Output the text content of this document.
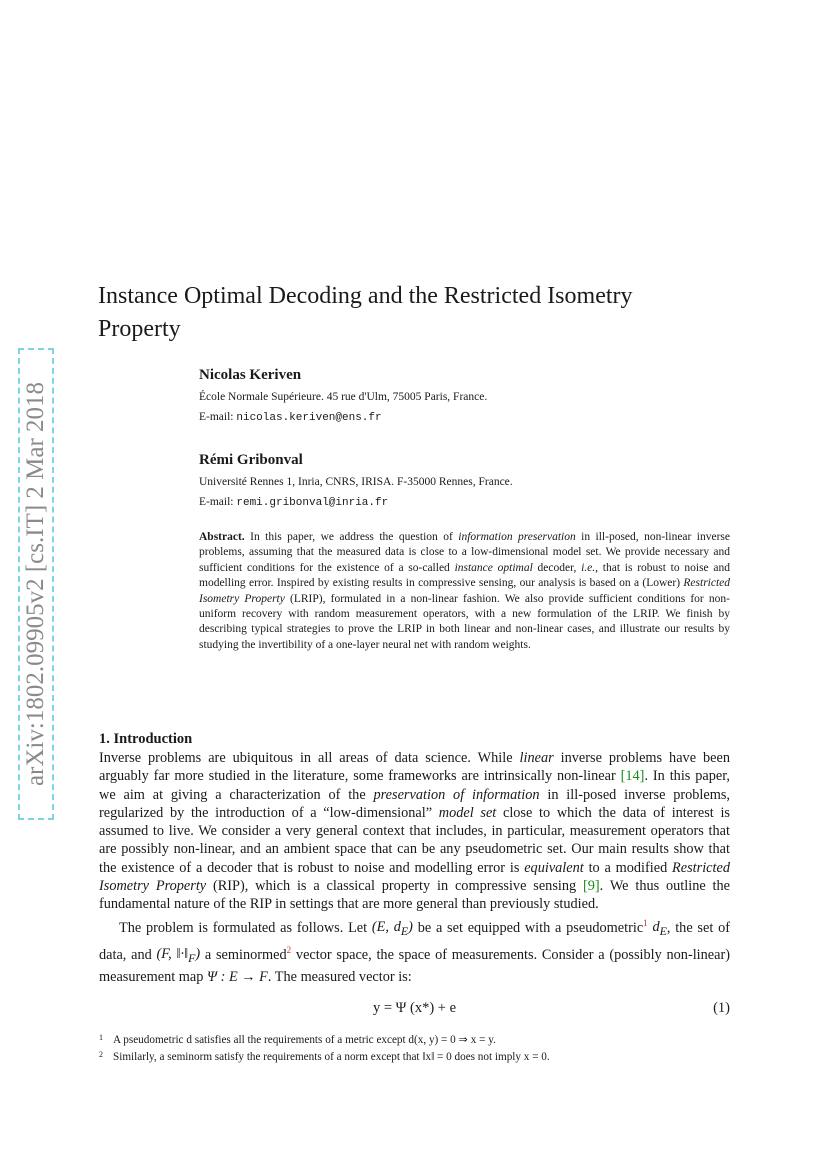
arXiv:1802.09905v2 [cs.IT] 2 Mar 2018
Instance Optimal Decoding and the Restricted Isometry Property
Nicolas Keriven
École Normale Supérieure. 45 rue d'Ulm, 75005 Paris, France.
E-mail: nicolas.keriven@ens.fr
Rémi Gribonval
Université Rennes 1, Inria, CNRS, IRISA. F-35000 Rennes, France.
E-mail: remi.gribonval@inria.fr
Abstract. In this paper, we address the question of information preservation in ill-posed, non-linear inverse problems, assuming that the measured data is close to a low-dimensional model set. We provide necessary and sufficient conditions for the existence of a so-called instance optimal decoder, i.e., that is robust to noise and modelling error. Inspired by existing results in compressive sensing, our analysis is based on a (Lower) Restricted Isometry Property (LRIP), formulated in a non-linear fashion. We also provide sufficient conditions for non-uniform recovery with random measurement operators, with a new formulation of the LRIP. We finish by describing typical strategies to prove the LRIP in both linear and non-linear cases, and illustrate our results by studying the invertibility of a one-layer neural net with random weights.
1. Introduction

Inverse problems are ubiquitous in all areas of data science. While linear inverse problems have been arguably far more studied in the literature, some frameworks are intrinsically non-linear [14]. In this paper, we aim at giving a characterization of the preservation of information in ill-posed inverse problems, regularized by the introduction of a “low-dimensional” model set close to which the data of interest is assumed to live. We consider a very general context that includes, in particular, measurement operators that are possibly non-linear, and an ambient space that can be any pseudometric set. Our main results show that the existence of a decoder that is robust to noise and modelling error is equivalent to a modified Restricted Isometry Property (RIP), which is a classical property in compressive sensing [9]. We thus outline the fundamental nature of the RIP in settings that are more general than previously studied.

The problem is formulated as follows. Let (E, $d_E$) be a set equipped with a pseudometric$^1$ $d_E$, the set of data, and (F, $‖\cdot‖_F$) a seminormed$^2$ vector space, the space of measurements. Consider a (possibly non-linear) measurement map Ψ : E → F. The measured vector is:

y = Ψ (x*) + e	(1)
1 A pseudometric d satisfies all the requirements of a metric except d(x, y) = 0 ⇒ x = y.
2 Similarly, a seminorm satisfy the requirements of a norm except that ‖x‖ = 0 does not imply x = 0.
